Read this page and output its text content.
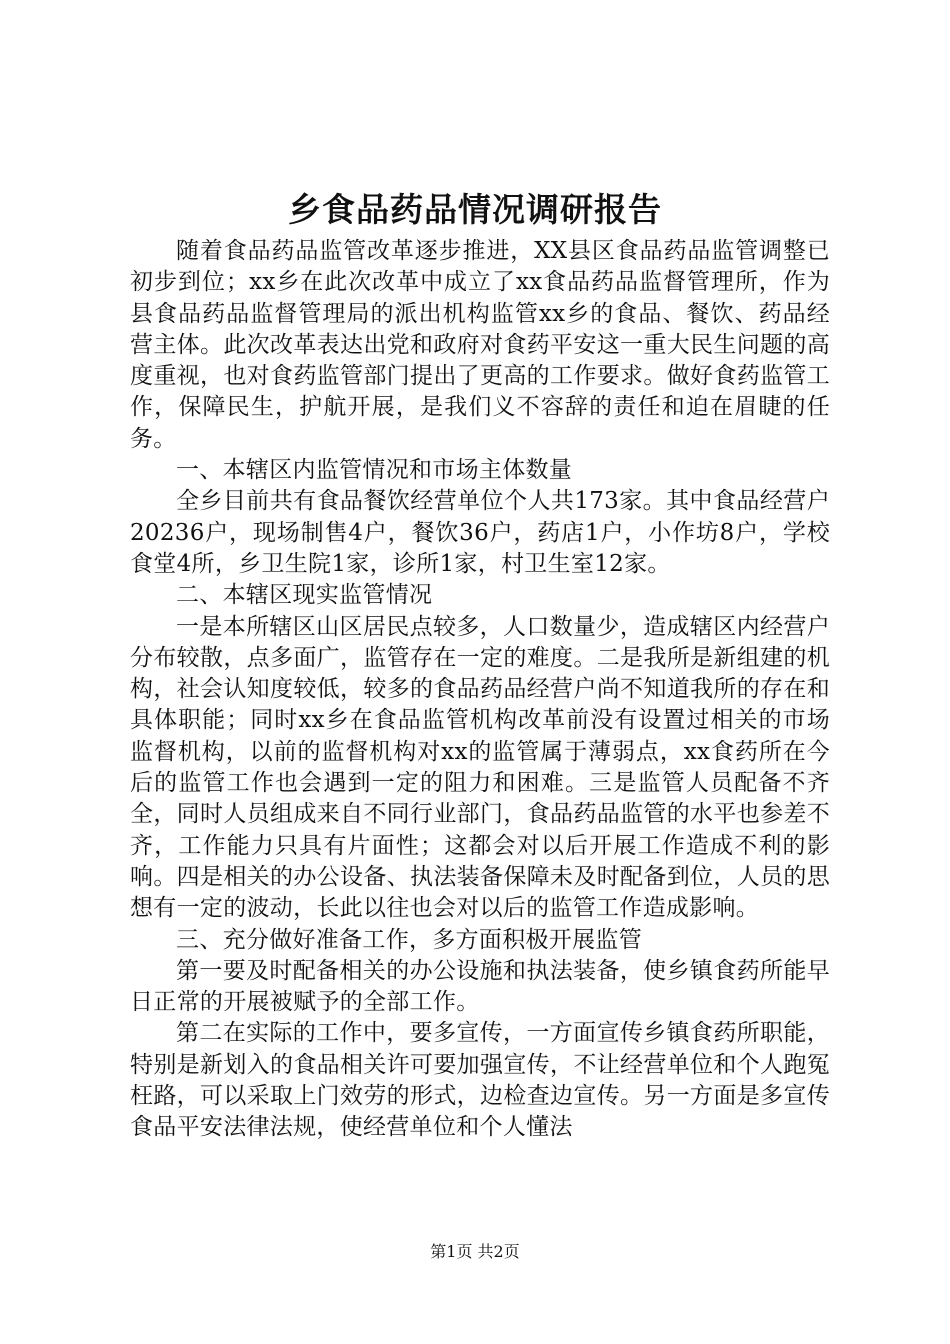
乡食品药品情况调研报告

随着食品药品监管改革逐步推进，XX县区食品药品监管调整已初步到位；xx乡在此次改革中成立了xx食品药品监督管理所，作为县食品药品监督管理局的派出机构监管xx乡的食品、餐饮、药品经营主体。此次改革表达出党和政府对食药平安这一重大民生问题的高度重视，也对食药监管部门提出了更高的工作要求。做好食药监管工作，保障民生，护航开展，是我们义不容辞的责任和迫在眉睫的任务。

一、本辖区内监管情况和市场主体数量

全乡目前共有食品餐饮经营单位个人共173家。其中食品经营户20236户，现场制售4户，餐饮36户，药店1户，小作坊8户，学校食堂4所，乡卫生院1家，诊所1家，村卫生室12家。

二、本辖区现实监管情况

一是本所辖区山区居民点较多，人口数量少，造成辖区内经营户分布较散，点多面广，监管存在一定的难度。二是我所是新组建的机构，社会认知度较低，较多的食品药品经营户尚不知道我所的存在和具体职能；同时xx乡在食品监管机构改革前没有设置过相关的市场监督机构，以前的监督机构对xx的监管属于薄弱点，xx食药所在今后的监管工作也会遇到一定的阻力和困难。三是监管人员配备不齐全，同时人员组成来自不同行业部门，食品药品监管的水平也参差不齐，工作能力只具有片面性；这都会对以后开展工作造成不利的影响。四是相关的办公设备、执法装备保障未及时配备到位，人员的思想有一定的波动，长此以往也会对以后的监管工作造成影响。

三、充分做好准备工作，多方面积极开展监管

第一要及时配备相关的办公设施和执法装备，使乡镇食药所能早日正常的开展被赋予的全部工作。

第二在实际的工作中，要多宣传，一方面宣传乡镇食药所职能，特别是新划入的食品相关许可要加强宣传，不让经营单位和个人跑冤枉路，可以采取上门效劳的形式，边检查边宣传。另一方面是多宣传食品平安法律法规，使经营单位和个人懂法

第1页 共2页
